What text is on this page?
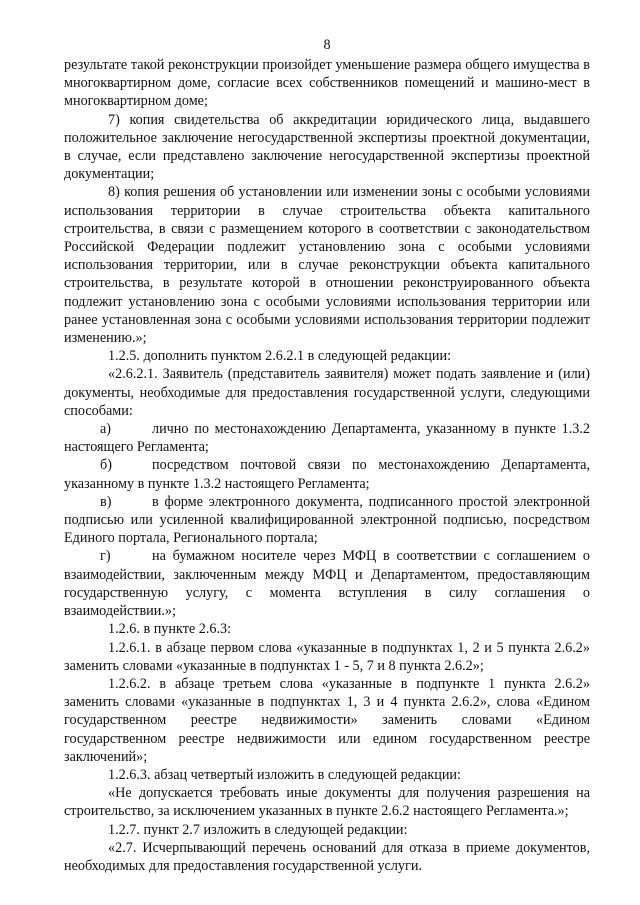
8

результате такой реконструкции произойдет уменьшение размера общего имущества в многоквартирном доме, согласие всех собственников помещений и машино-мест в многоквартирном доме;

7) копия свидетельства об аккредитации юридического лица, выдавшего положительное заключение негосударственной экспертизы проектной документации, в случае, если представлено заключение негосударственной экспертизы проектной документации;

8) копия решения об установлении или изменении зоны с особыми условиями использования территории в случае строительства объекта капитального строительства, в связи с размещением которого в соответствии с законодательством Российской Федерации подлежит установлению зона с особыми условиями использования территории, или в случае реконструкции объекта капитального строительства, в результате которой в отношении реконструированного объекта подлежит установлению зона с особыми условиями использования территории или ранее установленная зона с особыми условиями использования территории подлежит изменению.»;

1.2.5. дополнить пунктом 2.6.2.1 в следующей редакции:

«2.6.2.1. Заявитель (представитель заявителя) может подать заявление и (или) документы, необходимые для предоставления государственной услуги, следующими способами:

а)	лично по местонахождению Департамента, указанному в пункте 1.3.2 настоящего Регламента;

б)	посредством почтовой связи по местонахождению Департамента, указанному в пункте 1.3.2 настоящего Регламента;

в)	в форме электронного документа, подписанного простой электронной подписью или усиленной квалифицированной электронной подписью, посредством Единого портала, Регионального портала;

г)	на бумажном носителе через МФЦ в соответствии с соглашением о взаимодействии, заключенным между МФЦ и Департаментом, предоставляющим государственную услугу, с момента вступления в силу соглашения о взаимодействии.»;

1.2.6. в пункте 2.6.3:

1.2.6.1. в абзаце первом слова «указанные в подпунктах 1, 2 и 5 пункта 2.6.2» заменить словами «указанные в подпунктах 1 - 5, 7 и 8 пункта 2.6.2»;

1.2.6.2. в абзаце третьем слова «указанные в подпункте 1 пункта 2.6.2» заменить словами «указанные в подпунктах 1, 3 и 4 пункта 2.6.2», слова «Едином государственном реестре недвижимости» заменить словами «Едином государственном реестре недвижимости или едином государственном реестре заключений»;

1.2.6.3. абзац четвертый изложить в следующей редакции:

«Не допускается требовать иные документы для получения разрешения на строительство, за исключением указанных в пункте 2.6.2 настоящего Регламента.»;

1.2.7. пункт 2.7 изложить в следующей редакции:

«2.7. Исчерпывающий перечень оснований для отказа в приеме документов, необходимых для предоставления государственной услуги.
